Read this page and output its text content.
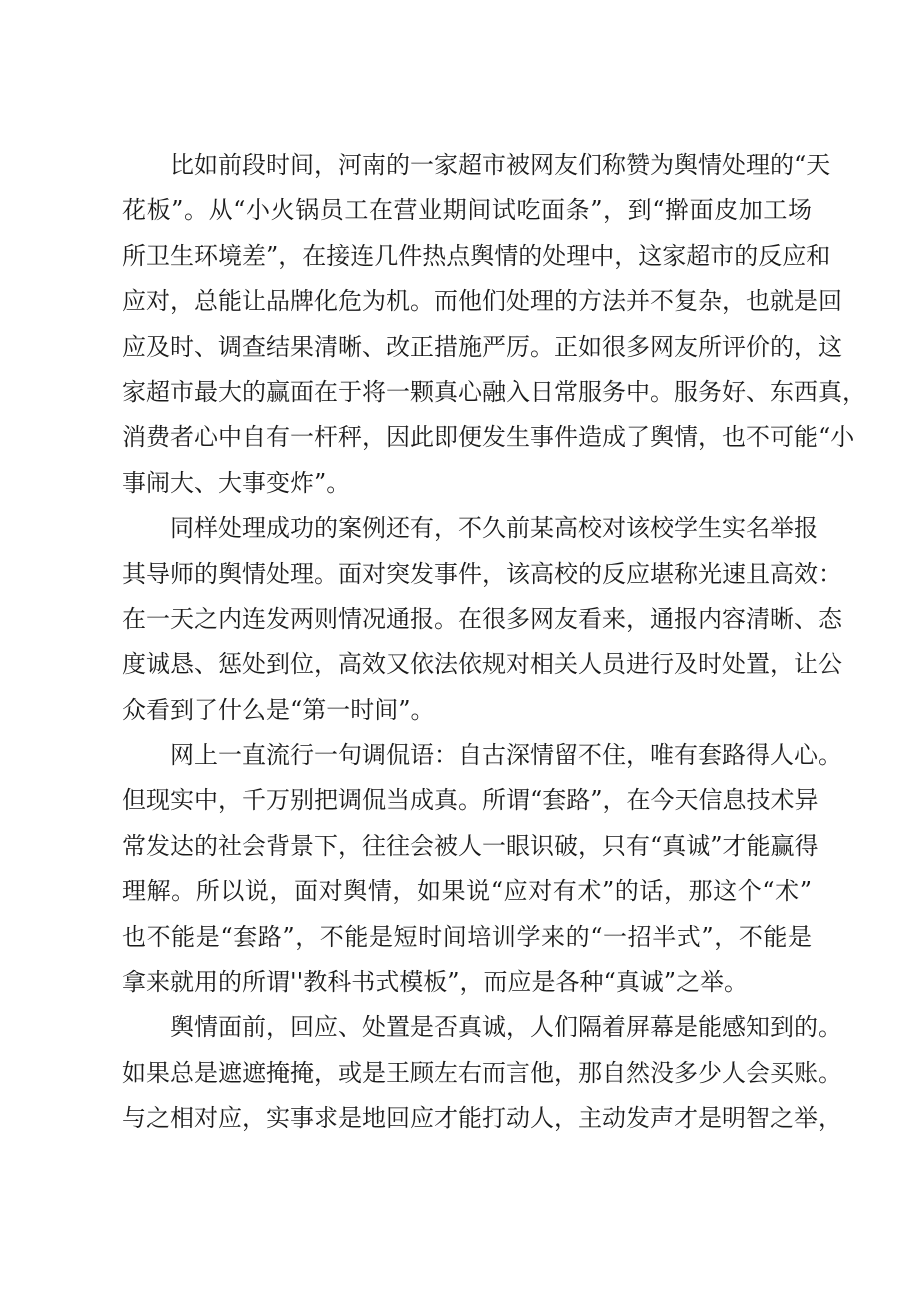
比如前段时间，河南的一家超市被网友们称赞为舆情处理的“天
花板”。从“小火锅员工在营业期间试吃面条”，到“擀面皮加工场
所卫生环境差”，在接连几件热点舆情的处理中，这家超市的反应和
应对，总能让品牌化危为机。而他们处理的方法并不复杂，也就是回
应及时、调查结果清晰、改正措施严厉。正如很多网友所评价的，这
家超市最大的赢面在于将一颗真心融入日常服务中。服务好、东西真，
消费者心中自有一杆秤，因此即便发生事件造成了舆情，也不可能“小
事闹大、大事变炸”。
同样处理成功的案例还有，不久前某高校对该校学生实名举报
其导师的舆情处理。面对突发事件，该高校的反应堪称光速且高效：
在一天之内连发两则情况通报。在很多网友看来，通报内容清晰、态
度诚恳、惩处到位，高效又依法依规对相关人员进行及时处置，让公
众看到了什么是“第一时间”。
网上一直流行一句调侃语：自古深情留不住，唯有套路得人心。
但现实中，千万别把调侃当成真。所谓“套路”，在今天信息技术异
常发达的社会背景下，往往会被人一眼识破，只有“真诚”才能赢得
理解。所以说，面对舆情，如果说“应对有术”的话，那这个“术”
也不能是“套路”，不能是短时间培训学来的“一招半式”，不能是
拿来就用的所谓''教科书式模板”，而应是各种“真诚”之举。
舆情面前，回应、处置是否真诚，人们隔着屏幕是能感知到的。
如果总是遮遮掩掩，或是王顾左右而言他，那自然没多少人会买账。
与之相对应，实事求是地回应才能打动人，主动发声才是明智之举，
